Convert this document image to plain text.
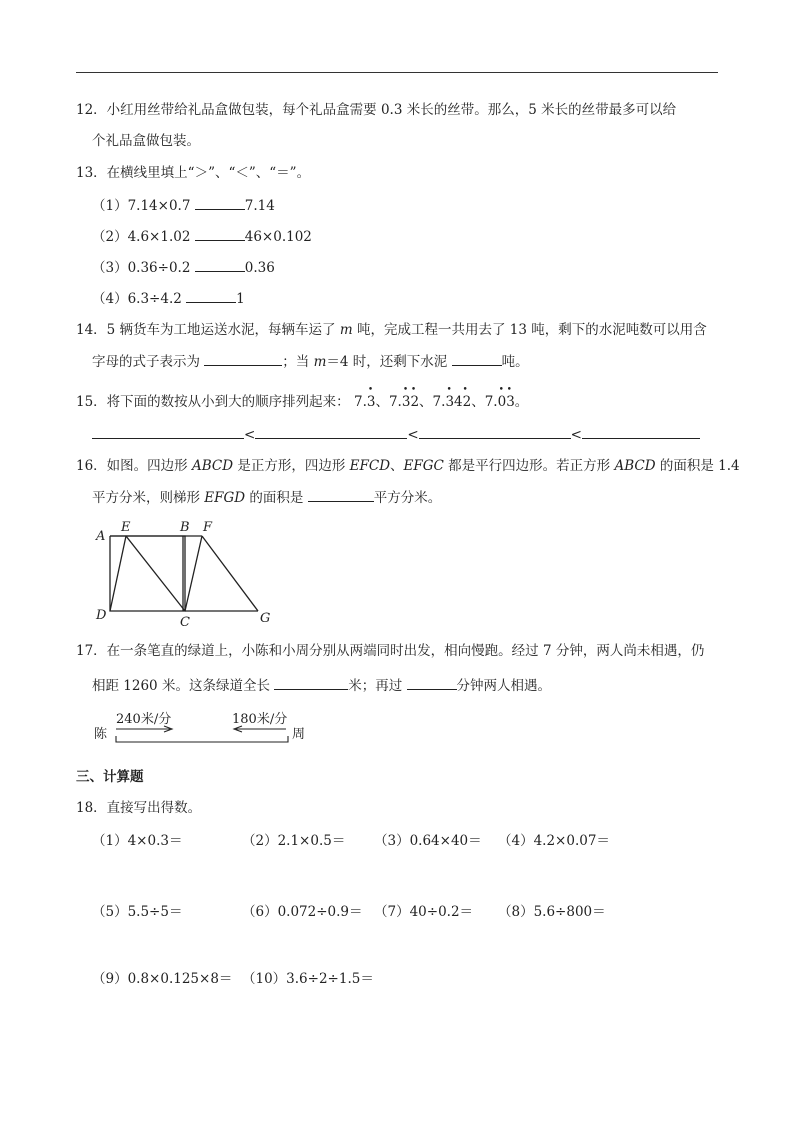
12．小红用丝带给礼品盒做包装，每个礼品盒需要 0.3 米长的丝带。那么，5 米长的丝带最多可以给
个礼品盒做包装。
13．在横线里填上“＞”、“＜”、“＝”。
（1）7.14×0.7	7.14
（2）4.6×1.02	46×0.102
（3）0.36÷0.2	0.36
（4）6.3÷4.2	1
14．5 辆货车为工地运送水泥，每辆车运了 m 吨，完成工程一共用去了 13 吨，剩下的水泥吨数可以用含
字母的式子表示为	；当 m＝4 时，还剩下水泥	吨。
15．将下面的数按从小到大的顺序排列起来： 7.
•
3、7.
• •
32、7.
• •
342、7.
• •
03。
<	<	<
16．如图。四边形 ABCD 是正方形，四边形 EFCD、EFGC 都是平行四边形。若正方形 ABCD 的面积是 1.4
平方分米，则梯形 EFGD 的面积是	平方分米。
A
E	B F
D	C	G
17．在一条笔直的绿道上，小陈和小周分别从两端同时出发，相向慢跑。经过 7 分钟，两人尚未相遇，仍
相距 1260 米。这条绿道全长	米；再过	分钟两人相遇。
陈	周
240米/分	180米/分
三、计算题
18．直接写出得数。
（1）4×0.3＝	（2）2.1×0.5＝ （3）0.64×40＝ （4）4.2×0.07＝
（5）5.5÷5＝	（6）0.072÷0.9＝ （7）40÷0.2＝ （8）5.6÷800＝
（9）0.8×0.125×8＝ （10）3.6÷2÷1.5＝
